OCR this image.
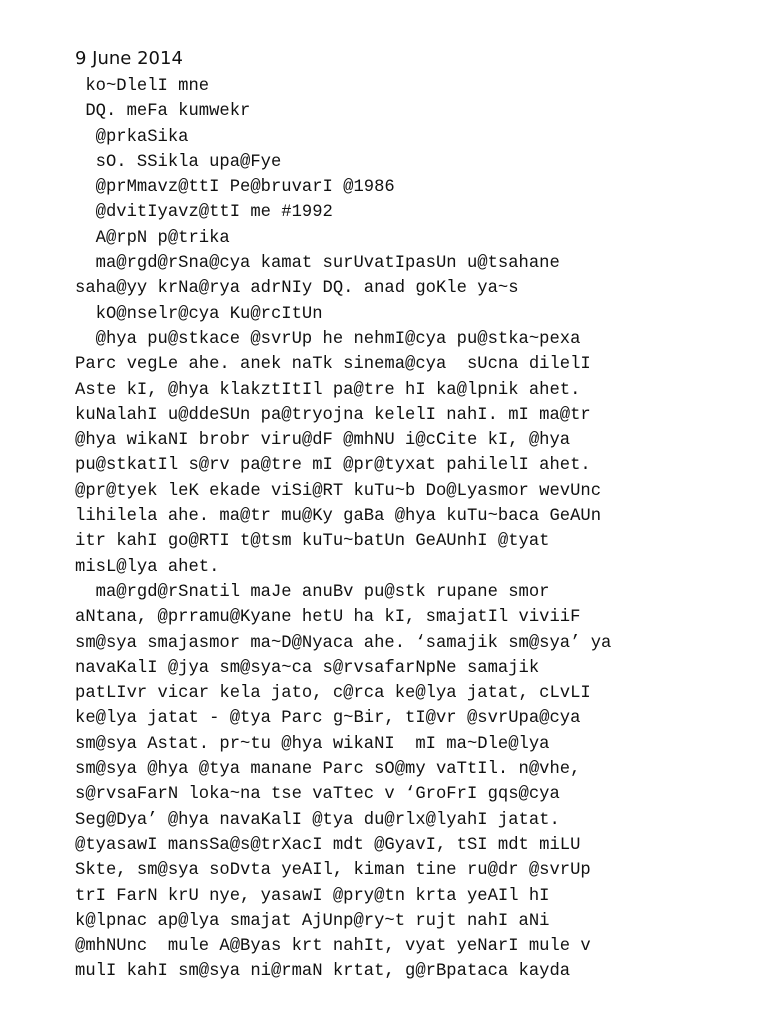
9 June 2014
ko~DlelI mne
DQ. meFa kumwekr
@prkaSika
sO. SSikla upa@Fye
@prMmavz@ttI Pe@bruvarI @1986
@dvitIyavz@ttI me #1992
A@rpN p@trika
ma@rgd@rSna@cya kamat surUvatIpasUn u@tsahane
saha@yy krNa@rya adrNIy DQ. anad goKle ya~s
kO@nselr@cya Ku@rcItUn
@hya pu@stkace @svrUp he nehmI@cya pu@stka~pexa
Parc vegLe ahe. anek naTk sinema@cya  sUcna dilelI
Aste kI, @hya klakztItIl pa@tre hI ka@lpnik ahet.
kuNalahI u@ddeSUn pa@tryojna kelelI nahI. mI ma@tr
@hya wikaNI brobr viru@dF @mhNU i@cCite kI, @hya
pu@stkatIl s@rv pa@tre mI @pr@tyxat pahilelI ahet.
@pr@tyek leK ekade viSi@RT kuTu~b Do@Lyasmor wevUnc
lihilela ahe. ma@tr mu@Ky gaBa @hya kuTu~baca GeAUn
itr kahI go@RTI t@tsm kuTu~batUn GeAUnhI @tyat
misL@lya ahet.
ma@rgd@rSnatil maJe anuBv pu@stk rupane smor
aNtana, @prramu@Kyane hetU ha kI, smajatIl viviiF
sm@sya smajasmor ma~D@Nyaca ahe. ‘samajik sm@sya’ ya
navaKalI @jya sm@sya~ca s@rvsafarNpNe samajik
patLIvr vicar kela jato, c@rca ke@lya jatat, cLvLI
ke@lya jatat - @tya Parc g~Bir, tI@vr @svrUpa@cya
sm@sya Astat. pr~tu @hya wikaNI  mI ma~Dle@lya
sm@sya @hya @tya manane Parc sO@my vaTtIl. n@vhe,
s@rvsaFarN loka~na tse vaTtec v ‘GroFrI gqs@cya
Seg@Dya’ @hya navaKalI @tya du@rlx@lyahI jatat.
@tyasawI mansSa@s@trXacI mdt @GyavI, tSI mdt miLU
Skte, sm@sya soDvta yeAIl, kiman tine ru@dr @svrUp
trI FarN krU nye, yasawI @pry@tn krta yeAIl hI
k@lpnac ap@lya smajat AjUnp@ry~t rujt nahI aNi
@mhNUnc  mule A@Byas krt nahIt, vyat yeNarI mule v
mulI kahI sm@sya ni@rmaN krtat, g@rBpataca kayda
